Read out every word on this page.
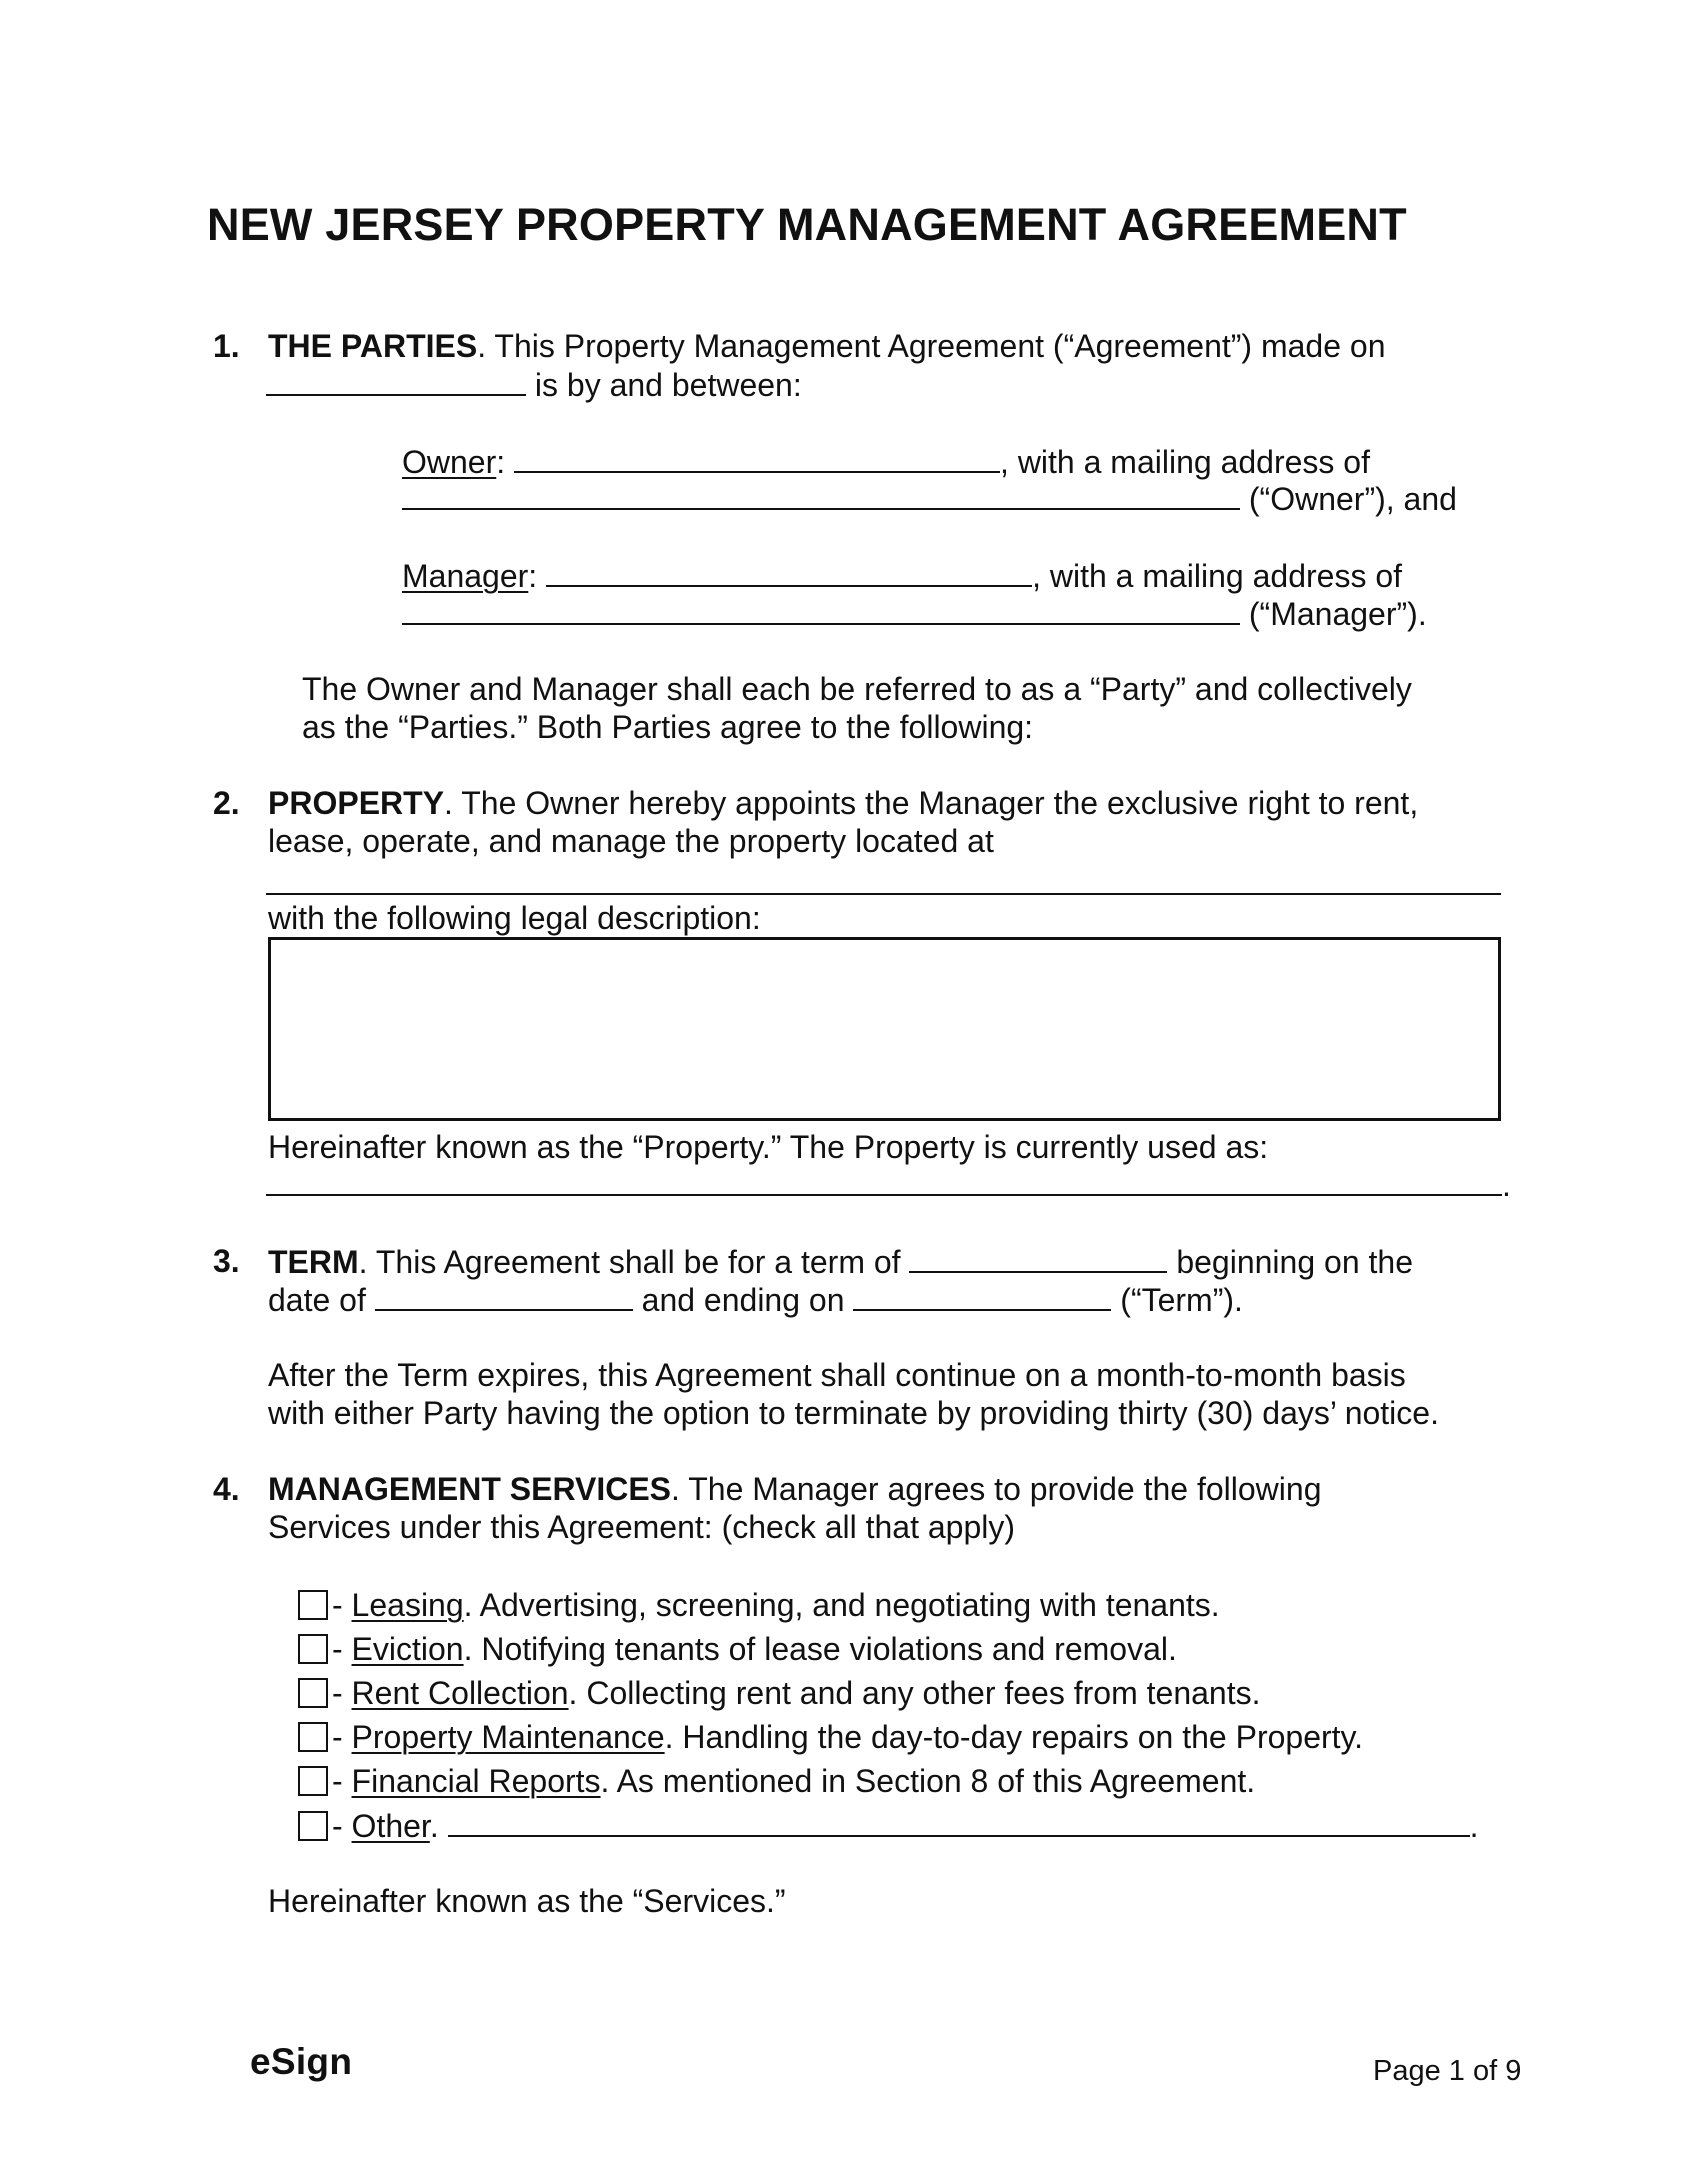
NEW JERSEY PROPERTY MANAGEMENT AGREEMENT
1. THE PARTIES. This Property Management Agreement (“Agreement”) made on
is by and between:
Owner:	, with a mailing address of
(“Owner”), and
Manager:	, with a mailing address of
(“Manager”).
The Owner and Manager shall each be referred to as a “Party” and collectively
as the “Parties.” Both Parties agree to the following:
2. PROPERTY. The Owner hereby appoints the Manager the exclusive right to rent,
lease, operate, and manage the property located at
with the following legal description:
Hereinafter known as the “Property.” The Property is currently used as:
.
3. TERM. This Agreement shall be for a term of	beginning on the
date of	and ending on	(“Term”).
After the Term expires, this Agreement shall continue on a month-to-month basis
with either Party having the option to terminate by providing thirty (30) days’ notice.
4. MANAGEMENT SERVICES. The Manager agrees to provide the following
Services under this Agreement: (check all that apply)
- Leasing. Advertising, screening, and negotiating with tenants.
- Eviction. Notifying tenants of lease violations and removal.
- Rent Collection. Collecting rent and any other fees from tenants.
- Property Maintenance. Handling the day-to-day repairs on the Property.
- Financial Reports. As mentioned in Section 8 of this Agreement.
- Other.	.
Hereinafter known as the “Services.”
eSign	Page 1 of 9
